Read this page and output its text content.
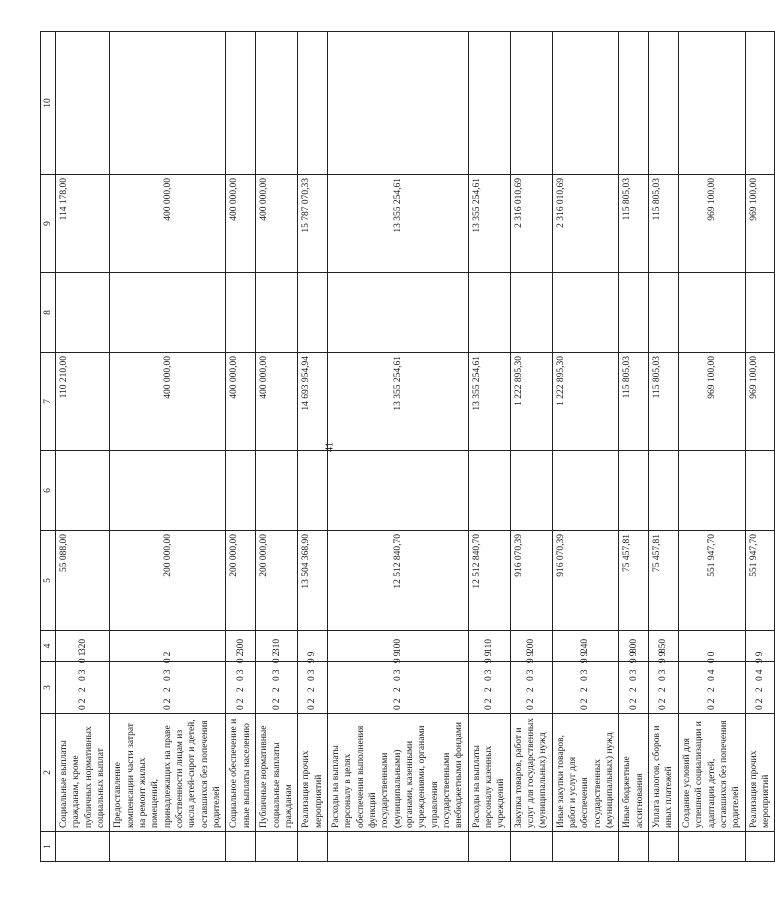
41
1	2	3	4	5	6	7	8	9	10
	Социальные выплаты гражданам, кроме публичных нормативных социальных выплат	02 2 03 01	320	55 088,00		110 210,00		114 178,00	
	Предоставление компенсации части затрат на ремонт жилых помещений, принадлежащих на праве собственности лицам из числа детей-сирот и детей, оставшихся без попечения родителей	02 2 03 02		200 000,00		400 000,00		400 000,00	
	Социальное обеспечение и иные выплаты населению	02 2 03 02	300	200 000,00		400 000,00		400 000,00	
	Публичные нормативные социальные выплаты гражданам	02 2 03 02	310	200 000,00		400 000,00		400 000,00	
	Реализация прочих мероприятий	02 2 03 99		13 504 368,90		14 693 954,94		15 787 070,33	
	Расходы на выплаты персоналу в целях обеспечения выполнения функций государственными (муниципальными) органами, казенными учреждениями, органами управления государственными внебюджетными фондами	02 2 03 99	100	12 512 840,70		13 355 254,61		13 355 254,61	
	Расходы на выплаты персоналу казенных учреждений	02 2 03 99	110	12 512 840,70		13 355 254,61		13 355 254,61	
	Закупка товаров, работ и услуг для государственных (муниципальных) нужд	02 2 03 99	200	916 070,39		1 222 895,30		2 316 010,69	
	Иные закупки товаров, работ и услуг для обеспечения государственных (муниципальных) нужд	02 2 03 99	240	916 070,39		1 222 895,30		2 316 010,69	
	Иные бюджетные ассигнования	02 2 03 99	800	75 457,81		115 805,03		115 805,03	
	Уплата налогов, сборов и иных платежей	02 2 03 99	850	75 457,81		115 805,03		115 805,03	
	Создание условий для успешной социализации и адаптации детей, оставшихся без попечения родителей	02 2 04 00		551 947,70		969 100,00		969 100,00	
	Реализация прочих мероприятий	02 2 04 99		551 947,70		969 100,00		969 100,00	
